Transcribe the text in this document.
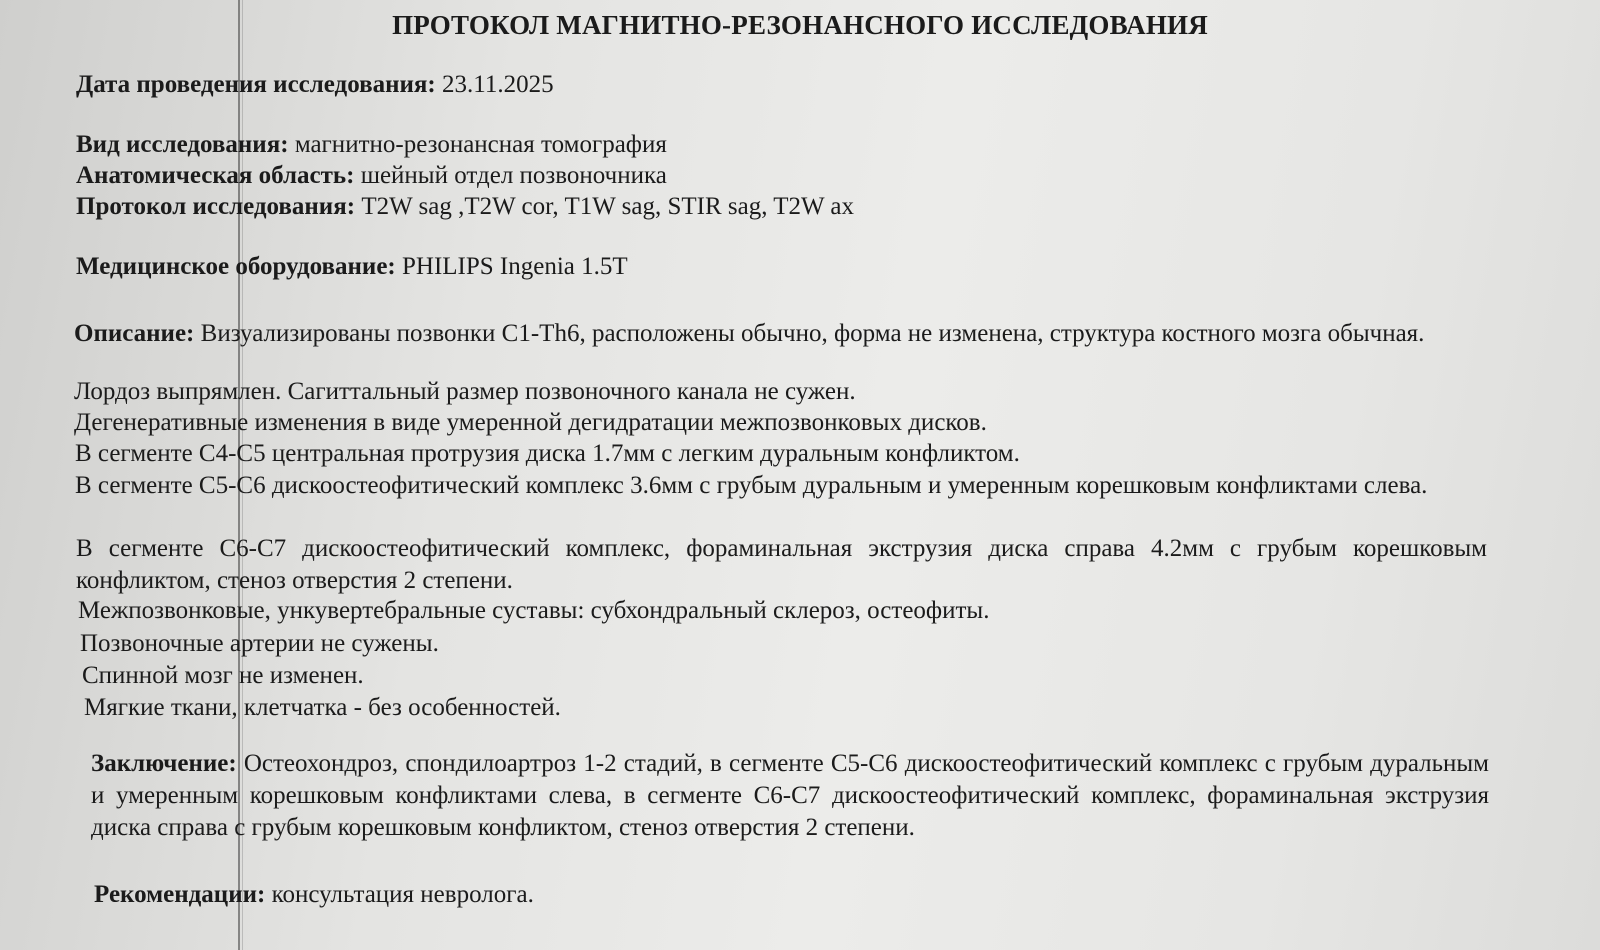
ПРОТОКОЛ МАГНИТНО-РЕЗОНАНСНОГО ИССЛЕДОВАНИЯ
Дата проведения исследования: 23.11.2025
Вид исследования: магнитно-резонансная томография
Анатомическая область: шейный отдел позвоночника
Протокол исследования: T2W sag ,T2W cor, T1W sag, STIR sag, T2W ax
Медицинское оборудование: PHILIPS Ingenia 1.5T
Описание: Визуализированы позвонки С1-Th6, расположены обычно, форма не изменена, структура костного мозга обычная.
Лордоз выпрямлен. Сагиттальный размер позвоночного канала не сужен.
Дегенеративные изменения в виде умеренной дегидратации межпозвонковых дисков.
В сегменте С4-С5 центральная протрузия диска 1.7мм с легким дуральным конфликтом.
В сегменте С5-С6 дискоостеофитический комплекс 3.6мм с грубым дуральным и умеренным корешковым конфликтами слева.
В сегменте С6-С7 дискоостеофитический комплекс, фораминальная экструзия диска справа 4.2мм с грубым корешковым конфликтом, стеноз отверстия 2 степени.
Межпозвонковые, ункувертебральные суставы: субхондральный склероз, остеофиты.
Позвоночные артерии не сужены.
Спинной мозг не изменен.
Мягкие ткани, клетчатка - без особенностей.
Заключение: Остеохондроз, спондилоартроз 1-2 стадий, в сегменте С5-С6 дискоостеофитический комплекс с грубым дуральным и умеренным корешковым конфликтами слева, в сегменте С6-С7 дискоостеофитический комплекс, фораминальная экструзия диска справа с грубым корешковым конфликтом, стеноз отверстия 2 степени.
Рекомендации: консультация невролога.
